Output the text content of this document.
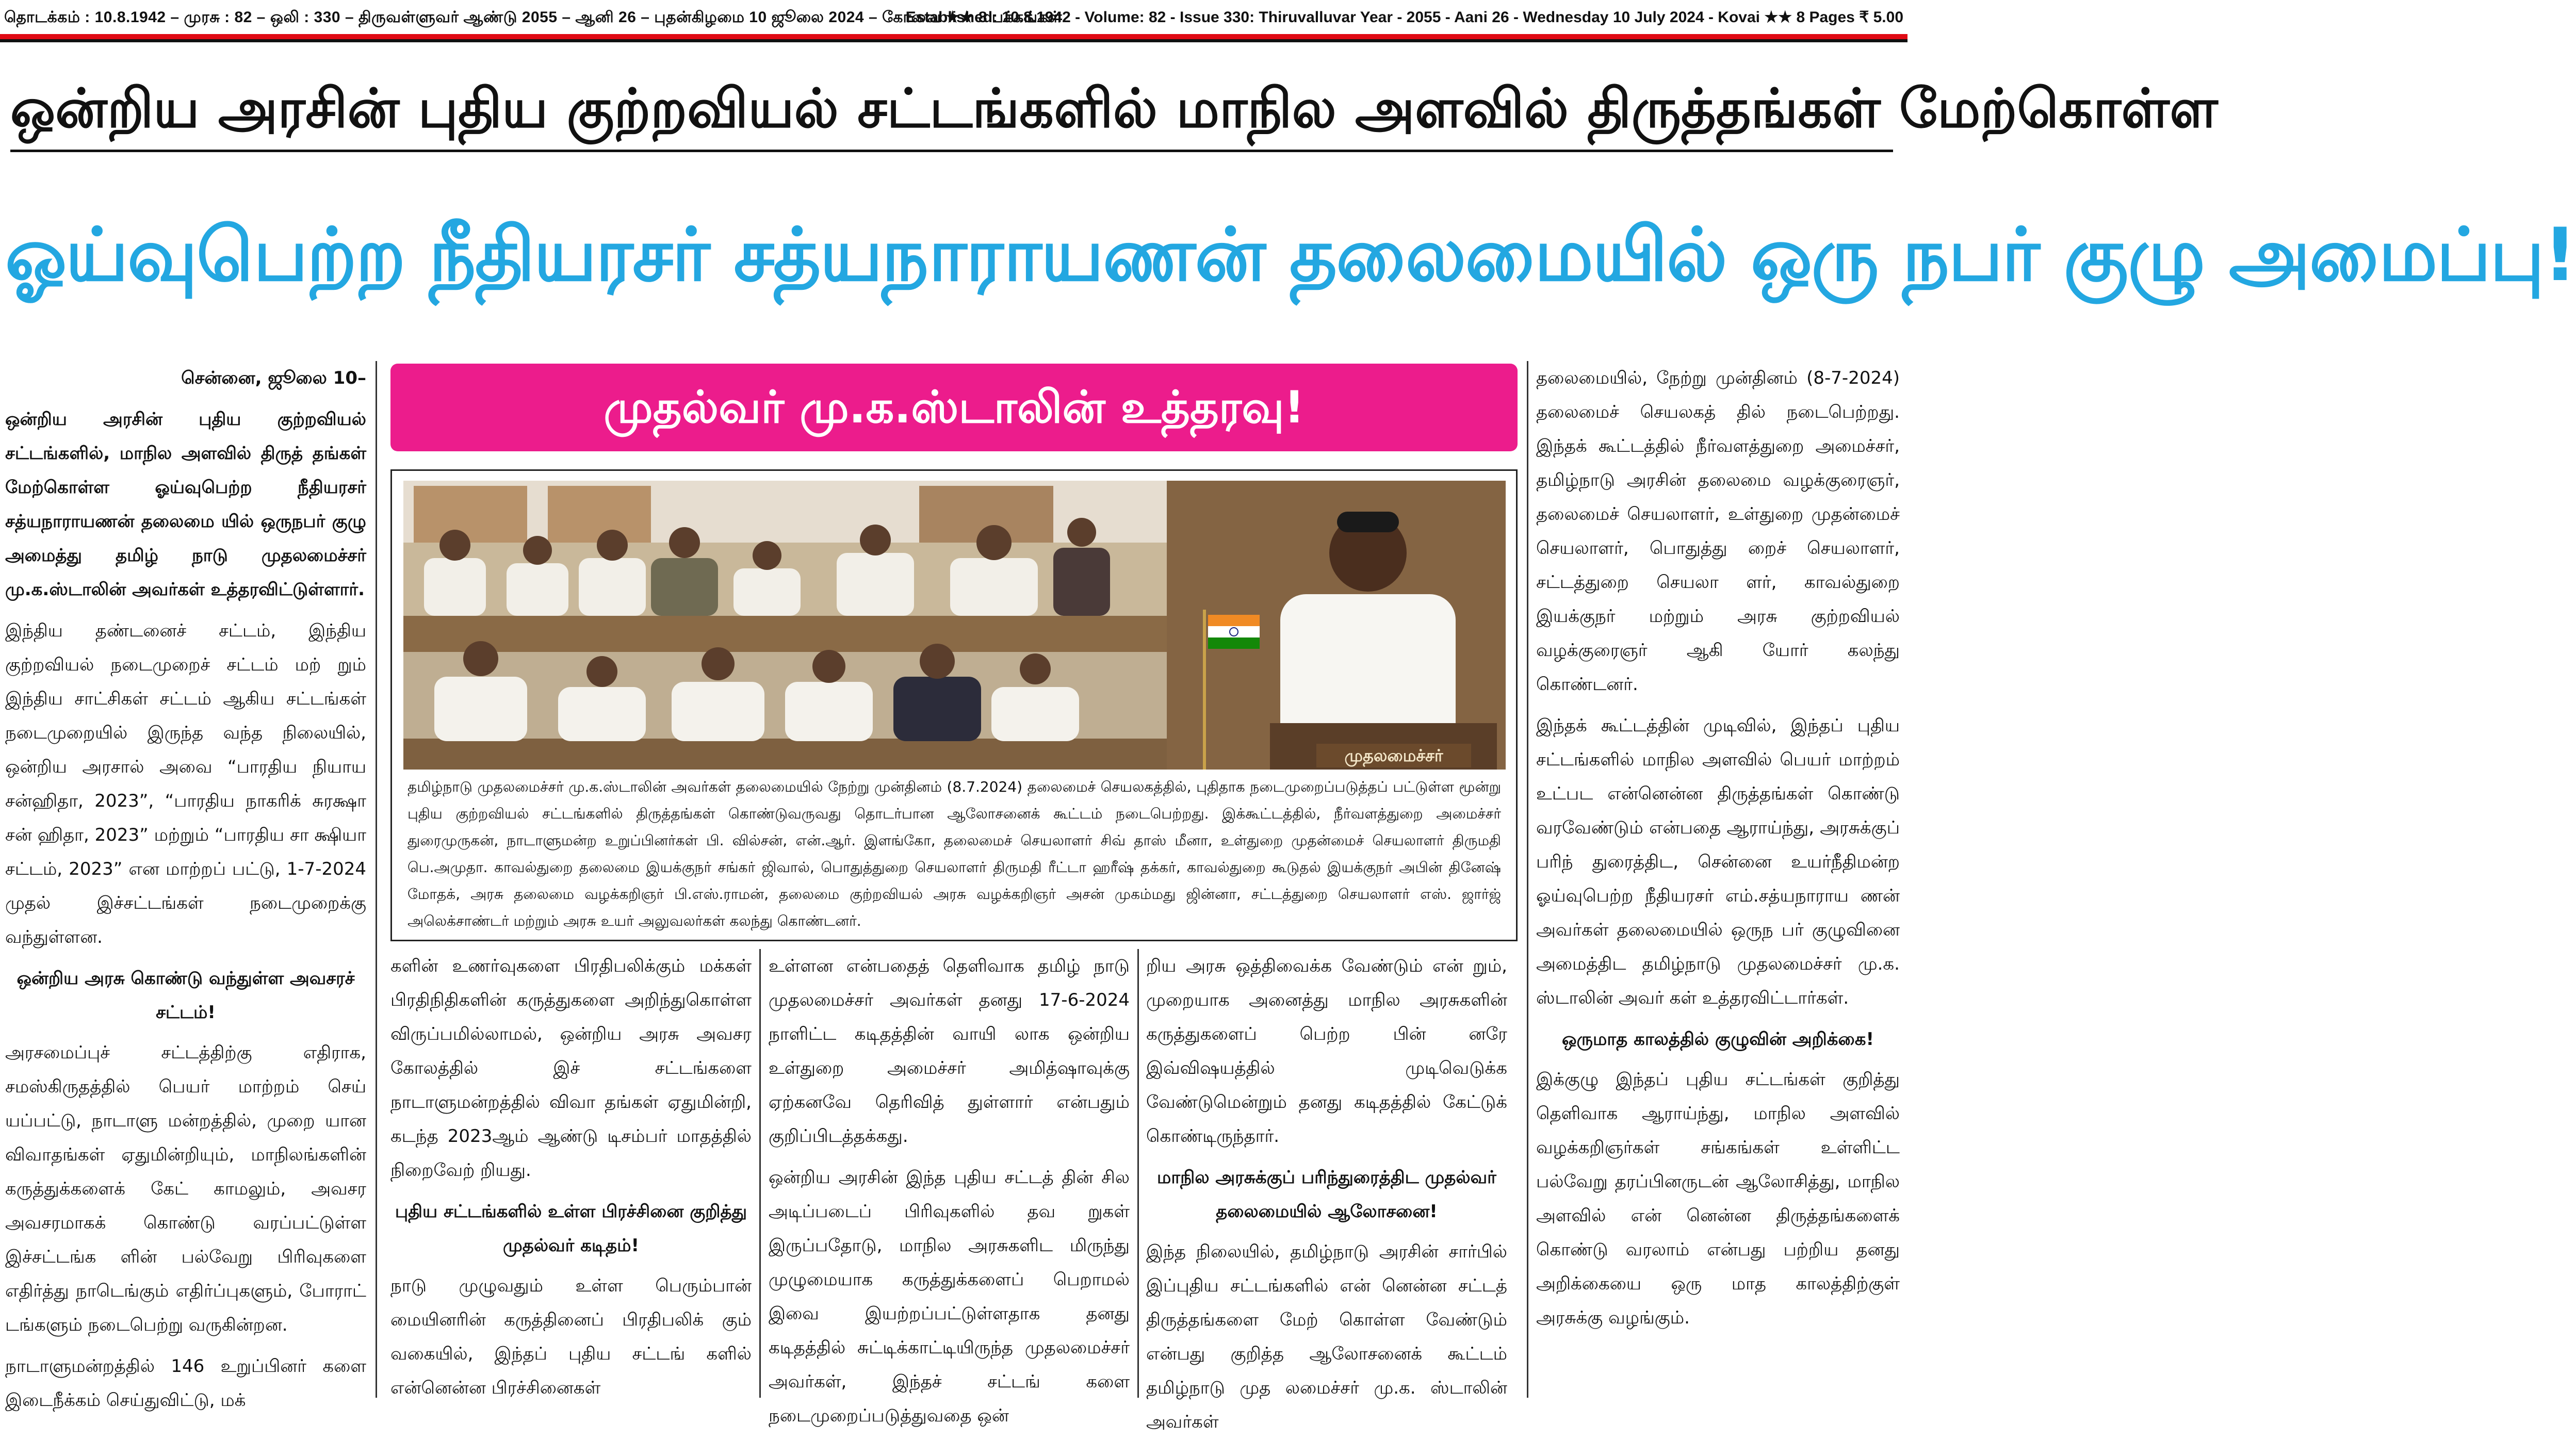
தொடக்கம் : 10.8.1942 – முரசு : 82 – ஒலி : 330 – திருவள்ளுவர் ஆண்டு 2055 – ஆனி 26 – புதன்கிழமை 10 ஜூலை 2024 – கோவை ★★ 8 பக்கங்கள்
Established: 10.8.1942 - Volume: 82 - Issue 330: Thiruvalluvar Year - 2055 - Aani 26 - Wednesday 10 July 2024 - Kovai ★★ 8 Pages ₹ 5.00
ஒன்றிய அரசின் புதிய குற்றவியல் சட்டங்களில் மாநில அளவில் திருத்தங்கள் மேற்கொள்ள
ஓய்வுபெற்ற நீதியரசர் சத்யநாராயணன் தலைமையில் ஒரு நபர் குழு அமைப்பு!

சென்னை, ஜூலை 10–

ஒன்றிய அரசின் புதிய குற்றவியல் சட்டங்களில், மாநில அளவில் திருத் தங்கள் மேற்கொள்ள ஓய்வுபெற்ற நீதியரசர் சத்யநாராயணன் தலைமை யில் ஒருநபர் குழு அமைத்து தமிழ் நாடு முதலமைச்சர் மு.க.ஸ்டாலின் அவர்கள் உத்தரவிட்டுள்ளார்.

இந்திய தண்டனைச் சட்டம், இந்திய குற்றவியல் நடைமுறைச் சட்டம் மற் றும் இந்திய சாட்சிகள் சட்டம் ஆகிய சட்டங்கள் நடைமுறையில் இருந்த வந்த நிலையில், ஒன்றிய அரசால் அவை “பாரதிய நியாய சன்ஹிதா, 2023”, “பாரதிய நாகரிக் சுரக்ஷா சன் ஹிதா, 2023” மற்றும் “பாரதிய சா க்ஷியா சட்டம், 2023” என மாற்றப் பட்டு, 1-7-2024 முதல் இச்சட்டங்கள் நடைமுறைக்கு வந்துள்ளன.

ஒன்றிய அரசு கொண்டு வந்துள்ள அவசரச் சட்டம்!

அரசமைப்புச் சட்டத்திற்கு எதிராக, சமஸ்கிருதத்தில் பெயர் மாற்றம் செய் யப்பட்டு, நாடாளு மன்றத்தில், முறை யான விவாதங்கள் ஏதுமின்றியும், மாநிலங்களின் கருத்துக்களைக் கேட் காமலும், அவசர அவசரமாகக் கொண்டு வரப்பட்டுள்ள இச்சட்டங்க ளின் பல்வேறு பிரிவுகளை எதிர்த்து நாடெங்கும் எதிர்ப்புகளும், போராட் டங்களும் நடைபெற்று வருகின்றன.

நாடாளுமன்றத்தில் 146 உறுப்பினர் களை இடைநீக்கம் செய்துவிட்டு, மக்

முதல்வர் மு.க.ஸ்டாலின் உத்தரவு!
முதலமைச்சர்
தமிழ்நாடு முதலமைச்சர் மு.க.ஸ்டாலின் அவர்கள் தலைமையில் நேற்று முன்தினம் (8.7.2024) தலைமைச் செயலகத்தில், புதிதாக நடைமுறைப்படுத்தப் பட்டுள்ள மூன்று புதிய குற்றவியல் சட்டங்களில் திருத்தங்கள் கொண்டுவருவது தொடர்பான ஆலோசனைக் கூட்டம் நடைபெற்றது. இக்கூட்டத்தில், நீர்வளத்துறை அமைச்சர் துரைமுருகன், நாடாளுமன்ற உறுப்பினர்கள் பி. வில்சன், என்.ஆர். இளங்கோ, தலைமைச் செயலாளர் சிவ் தாஸ் மீனா, உள்துறை முதன்மைச் செயலாளர் திருமதி பெ.அமுதா. காவல்துறை தலைமை இயக்குநர் சங்கர் ஜிவால், பொதுத்துறை செயலாளர் திருமதி ரீட்டா ஹரீஷ் தக்கர், காவல்துறை கூடுதல் இயக்குநர் அபின் தினேஷ் மோதக், அரசு தலைமை வழக்கறிஞர் பி.எஸ்.ராமன், தலைமை குற்றவியல் அரசு வழக்கறிஞர் அசன் முகம்மது ஜின்னா, சட்டத்துறை செயலாளர் எஸ். ஜார்ஜ் அலெக்சாண்டர் மற்றும் அரசு உயர் அலுவலர்கள் கலந்து கொண்டனர்.

களின் உணர்வுகளை பிரதிபலிக்கும் மக்கள் பிரதிநிதிகளின் கருத்துகளை அறிந்துகொள்ள விருப்பமில்லாமல், ஒன்றிய அரசு அவசர கோலத்தில் இச் சட்டங்களை நாடாளுமன்றத்தில் விவா தங்கள் ஏதுமின்றி, கடந்த 2023ஆம் ஆண்டு டிசம்பர் மாதத்தில் நிறைவேற் றியது.

புதிய சட்டங்களில் உள்ள பிரச்சினை குறித்து முதல்வர் கடிதம்!

நாடு முழுவதும் உள்ள பெரும்பான் மையினரின் கருத்தினைப் பிரதிபலிக் கும் வகையில், இந்தப் புதிய சட்டங் களில் என்னென்ன பிரச்சினைகள்

உள்ளன என்பதைத் தெளிவாக தமிழ் நாடு முதலமைச்சர் அவர்கள் தனது 17-6-2024 நாளிட்ட கடிதத்தின் வாயி லாக ஒன்றிய உள்துறை அமைச்சர் அமித்ஷாவுக்கு ஏற்கனவே தெரிவித் துள்ளார் என்பதும் குறிப்பிடத்தக்கது.

ஒன்றிய அரசின் இந்த புதிய சட்டத் தின் சில அடிப்படைப் பிரிவுகளில் தவ றுகள் இருப்பதோடு, மாநில அரசுகளிட மிருந்து முழுமையாக கருத்துக்களைப் பெறாமல் இவை இயற்றப்பட்டுள்ளதாக தனது கடிதத்தில் சுட்டிக்காட்டியிருந்த முதலமைச்சர் அவர்கள், இந்தச் சட்டங் களை நடைமுறைப்படுத்துவதை ஒன்

றிய அரசு ஒத்திவைக்க வேண்டும் என் றும், முறையாக அனைத்து மாநில அரசுகளின் கருத்துகளைப் பெற்ற பின் னரே இவ்விஷயத்தில் முடிவெடுக்க வேண்டுமென்றும் தனது கடிதத்தில் கேட்டுக் கொண்டிருந்தார்.

மாநில அரசுக்குப் பரிந்துரைத்திட முதல்வர் தலைமையில் ஆலோசனை!

இந்த நிலையில், தமிழ்நாடு அரசின் சார்பில் இப்புதிய சட்டங்களில் என் னென்ன சட்டத் திருத்தங்களை மேற் கொள்ள வேண்டும் என்பது குறித்த ஆலோசனைக் கூட்டம் தமிழ்நாடு முத லமைச்சர் மு.க. ஸ்டாலின் அவர்கள்

தலைமையில், நேற்று முன்தினம் (8-7-2024) தலைமைச் செயலகத் தில் நடைபெற்றது. இந்தக் கூட்டத்தில் நீர்வளத்துறை அமைச்சர், தமிழ்நாடு அரசின் தலைமை வழக்குரைஞர், தலைமைச் செயலாளர், உள்துறை முதன்மைச் செயலாளர், பொதுத்து றைச் செயலாளர், சட்டத்துறை செயலா ளர், காவல்துறை இயக்குநர் மற்றும் அரசு குற்றவியல் வழக்குரைஞர் ஆகி யோர் கலந்து கொண்டனர்.

இந்தக் கூட்டத்தின் முடிவில், இந்தப் புதிய சட்டங்களில் மாநில அளவில் பெயர் மாற்றம் உட்பட என்னென்ன திருத்தங்கள் கொண்டு வரவேண்டும் என்பதை ஆராய்ந்து, அரசுக்குப் பரிந் துரைத்திட, சென்னை உயர்நீதிமன்ற ஓய்வுபெற்ற நீதியரசர் எம்.சத்யநாராய ணன் அவர்கள் தலைமையில் ஒருந பர் குழுவினை அமைத்திட தமிழ்நாடு முதலமைச்சர் மு.க. ஸ்டாலின் அவர் கள் உத்தரவிட்டார்கள்.

ஒருமாத காலத்தில் குழுவின் அறிக்கை!

இக்குழு இந்தப் புதிய சட்டங்கள் குறித்து தெளிவாக ஆராய்ந்து, மாநில அளவில் வழக்கறிஞர்கள் சங்கங்கள் உள்ளிட்ட பல்வேறு தரப்பினருடன் ஆலோசித்து, மாநில அளவில் என் னென்ன திருத்தங்களைக் கொண்டு வரலாம் என்பது பற்றிய தனது அறிக்கையை ஒரு மாத காலத்திற்குள் அரசுக்கு வழங்கும்.
